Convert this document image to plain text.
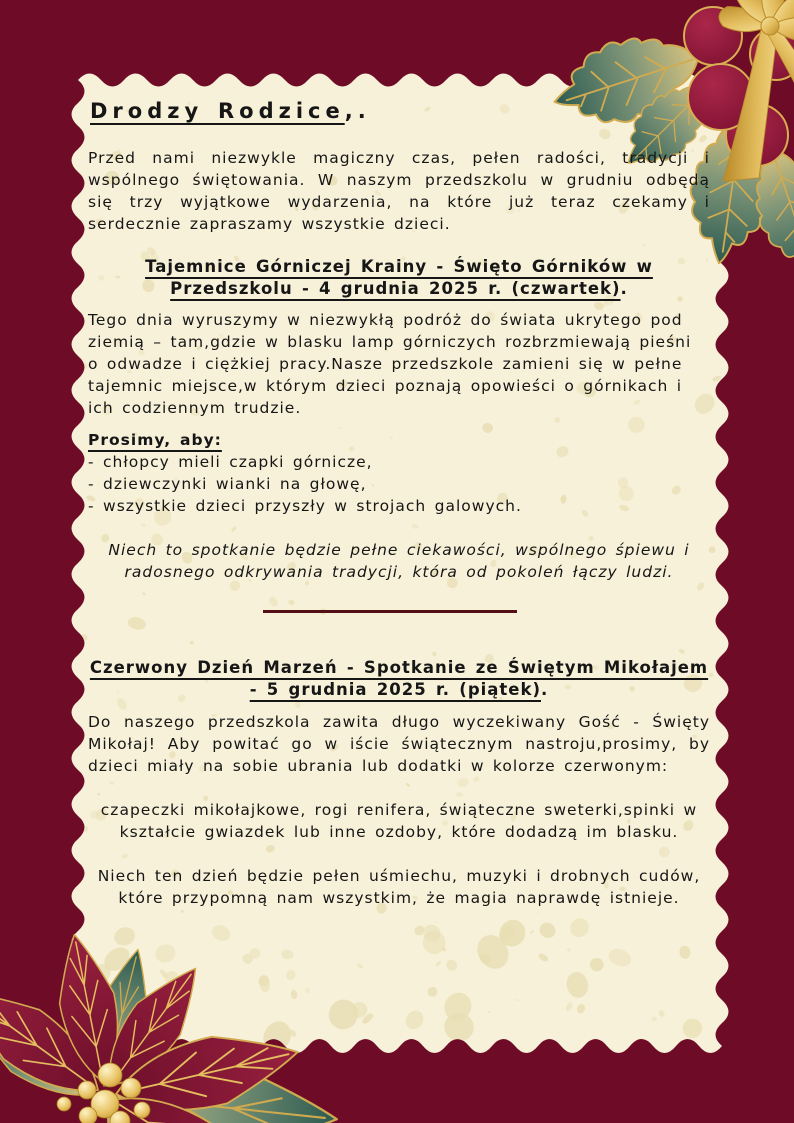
Drodzy Rodzice,.

Przed nami niezwykle magiczny czas, pełen radości, tradycji i wspólnego świętowania. W naszym przedszkolu w grudniu odbędą się trzy wyjątkowe wydarzenia, na które już teraz czekamy i serdecznie zapraszamy wszystkie dzieci.

Tajemnice Górniczej Krainy - Święto Górników w Przedszkolu - 4 grudnia 2025 r. (czwartek).

Tego dnia wyruszymy w niezwykłą podróż do świata ukrytego pod ziemią – tam,gdzie w blasku lamp górniczych rozbrzmiewają pieśni o odwadze i ciężkiej pracy.Nasze przedszkole zamieni się w pełne tajemnic miejsce,w którym dzieci poznają opowieści o górnikach i ich codziennym trudzie.

Prosimy, aby:

- chłopcy mieli czapki górnicze,
- dziewczynki wianki na głowę,
- wszystkie dzieci przyszły w strojach galowych.

Niech to spotkanie będzie pełne ciekawości, wspólnego śpiewu i radosnego odkrywania tradycji, która od pokoleń łączy ludzi.

Czerwony Dzień Marzeń - Spotkanie ze Świętym Mikołajem - 5 grudnia 2025 r. (piątek).

Do naszego przedszkola zawita długo wyczekiwany Gość - Święty Mikołaj! Aby powitać go w iście świątecznym nastroju,prosimy, by dzieci miały na sobie ubrania lub dodatki w kolorze czerwonym:

czapeczki mikołajkowe, rogi renifera, świąteczne sweterki,spinki w kształcie gwiazdek lub inne ozdoby, które dodadzą im blasku.

Niech ten dzień będzie pełen uśmiechu, muzyki i drobnych cudów, które przypomną nam wszystkim, że magia naprawdę istnieje.
